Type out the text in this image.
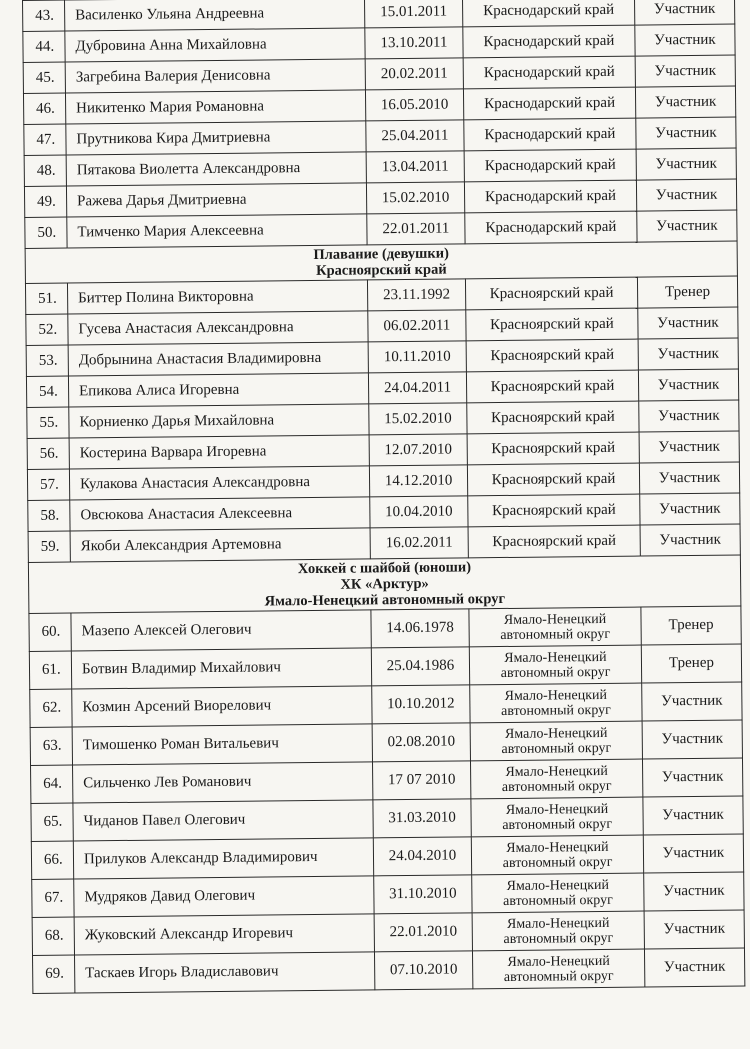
43.	Василенко Ульяна Андреевна	15.01.2011	Краснодарский край	Участник
44.	Дубровина Анна Михайловна	13.10.2011	Краснодарский край	Участник
45.	Загребина Валерия Денисовна	20.02.2011	Краснодарский край	Участник
46.	Никитенко Мария Романовна	16.05.2010	Краснодарский край	Участник
47.	Прутникова Кира Дмитриевна	25.04.2011	Краснодарский край	Участник
48.	Пятакова Виолетта Александровна	13.04.2011	Краснодарский край	Участник
49.	Ражева Дарья Дмитриевна	15.02.2010	Краснодарский край	Участник
50.	Тимченко Мария Алексеевна	22.01.2011	Краснодарский край	Участник

Плавание (девушки)
Красноярский край				

51.	Биттер Полина Викторовна	23.11.1992	Красноярский край	Тренер
52.	Гусева Анастасия Александровна	06.02.2011	Красноярский край	Участник
53.	Добрынина Анастасия Владимировна	10.11.2010	Красноярский край	Участник
54.	Епикова Алиса Игоревна	24.04.2011	Красноярский край	Участник
55.	Корниенко Дарья Михайловна	15.02.2010	Красноярский край	Участник
56.	Костерина Варвара Игоревна	12.07.2010	Красноярский край	Участник
57.	Кулакова Анастасия Александровна	14.12.2010	Красноярский край	Участник
58.	Овсюкова Анастасия Алексеевна	10.04.2010	Красноярский край	Участник
59.	Якоби Александрия Артемовна	16.02.2011	Красноярский край	Участник

Хоккей с шайбой (юноши)
ХК «Арктур»
Ямало-Ненецкий автономный округ				

60.	Мазепо Алексей Олегович	14.06.1978	Ямало-Ненецкий автономный округ	Тренер
61.	Ботвин Владимир Михайлович	25.04.1986	Ямало-Ненецкий автономный округ	Тренер
62.	Козмин Арсений Виорелович	10.10.2012	Ямало-Ненецкий автономный округ	Участник
63.	Тимошенко Роман Витальевич	02.08.2010	Ямало-Ненецкий автономный округ	Участник
64.	Сильченко Лев Романович	17 07 2010	Ямало-Ненецкий автономный округ	Участник
65.	Чиданов Павел Олегович	31.03.2010	Ямало-Ненецкий автономный округ	Участник
66.	Прилуков Александр Владимирович	24.04.2010	Ямало-Ненецкий автономный округ	Участник
67.	Мудряков Давид Олегович	31.10.2010	Ямало-Ненецкий автономный округ	Участник
68.	Жуковский Александр Игоревич	22.01.2010	Ямало-Ненецкий автономный округ	Участник
69.	Таскаев Игорь Владиславович	07.10.2010	Ямало-Ненецкий автономный округ	Участник
